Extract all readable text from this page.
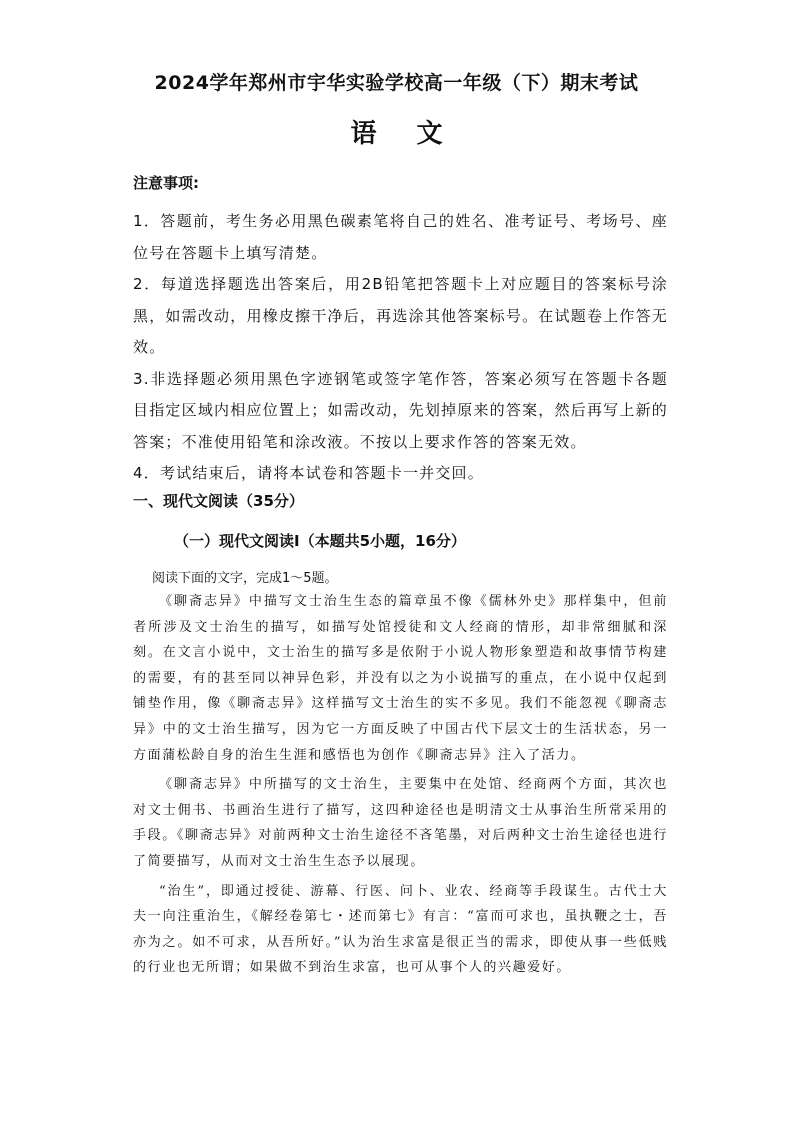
2024学年郑州市宇华实验学校高一年级（下）期末考试
语文
注意事项:

1．答题前，考生务必用黑色碳素笔将自己的姓名、准考证号、考场号、座位号在答题卡上填写清楚。

2．每道选择题选出答案后，用2B铅笔把答题卡上对应题目的答案标号涂黑，如需改动，用橡皮擦干净后，再选涂其他答案标号。在试题卷上作答无效。

3.非选择题必须用黑色字迹钢笔或签字笔作答，答案必须写在答题卡各题目指定区域内相应位置上；如需改动，先划掉原来的答案，然后再写上新的答案；不准使用铅笔和涂改液。不按以上要求作答的答案无效。

4．考试结束后，请将本试卷和答题卡一并交回。

一、现代文阅读（35分）
（一）现代文阅读I（本题共5小题，16分）
阅读下面的文字，完成1～5题。

《聊斋志异》中描写文士治生生态的篇章虽不像《儒林外史》那样集中，但前者所涉及文士治生的描写，如描写处馆授徒和文人经商的情形，却非常细腻和深刻。在文言小说中，文士治生的描写多是依附于小说人物形象塑造和故事情节构建的需要，有的甚至同以神异色彩，并没有以之为小说描写的重点，在小说中仅起到铺垫作用，像《聊斋志异》这样描写文士治生的实不多见。我们不能忽视《聊斋志异》中的文士治生描写，因为它一方面反映了中国古代下层文士的生活状态，另一方面蒲松龄自身的治生生涯和感悟也为创作《聊斋志异》注入了活力。

《聊斋志异》中所描写的文士治生，主要集中在处馆、经商两个方面，其次也对文士佣书、书画治生进行了描写，这四种途径也是明清文士从事治生所常采用的手段。《聊斋志异》对前两种文士治生途径不吝笔墨，对后两种文士治生途径也进行了简要描写，从而对文士治生生态予以展现。

“治生”，即通过授徒、游幕、行医、问卜、业农、经商等手段谋生。古代士大夫一向注重治生，《解经卷第七・述而第七》有言：“富而可求也，虽执鞭之士，吾亦为之。如不可求，从吾所好。”认为治生求富是很正当的需求，即使从事一些低贱的行业也无所谓；如果做不到治生求富，也可从事个人的兴趣爱好。
